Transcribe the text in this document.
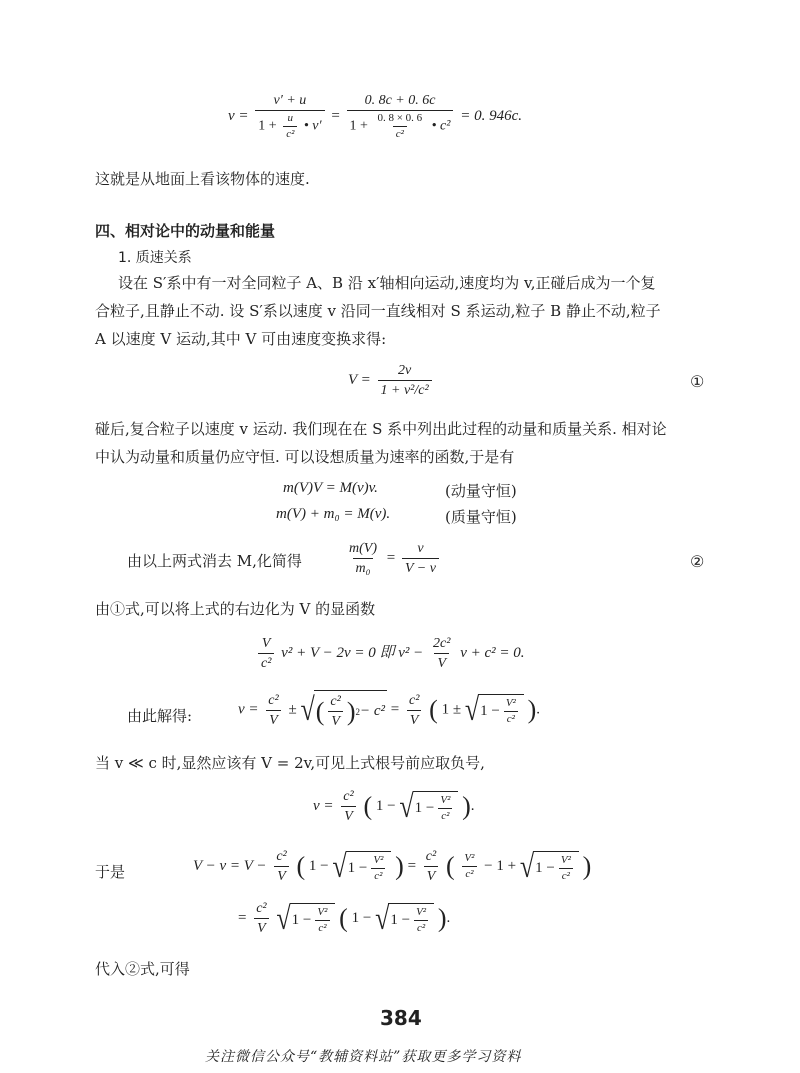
$v = \frac{v' + u}{1 + \frac{u}{\text{c²}} • v'}$ =
0. 8c + 0. 6c
$1 + \frac{0. 8 \times 0. 6}{\text{c²}}$ • c²
= 0. 946c.
这就是从地面上看该物体的速度.
四、相对论中的动量和能量
1. 质速关系
设在 S′系中有一对全同粒子 A、B 沿 x′轴相向运动,速度均为 v,正碰后成为一个复
合粒子,且静止不动. 设 S′系以速度 v 沿同一直线相对 S 系运动,粒子 B 静止不动,粒子
A 以速度 V 运动,其中 V 可由速度变换求得:
$V = \frac{2v}{\text{1 + v²/c²}}$	①
碰后,复合粒子以速度 v 运动. 我们现在在 S 系中列出此过程的动量和质量关系. 相对论
中认为动量和质量仍应守恒. 可以设想质量为速率的函数,于是有
m(V)V = M(v)v.	(动量守恒)
m(V) + m₀ = M(v).	(质量守恒)
由以上两式消去 M,化简得	$\frac{m(V)}{\text{m₀}} = \frac{v}{V - v}$	②
由①式,可以将上式的右边化为 V 的显函数
$\frac{V}{\text{c²}} v^2 + V - 2v = 0$ 即 $v^2 - \frac{\text{2c²}}{V}$ v + c² = 0.
由此解得:	$v = \frac{\text{c²}}{V}$ ± √ ( $\frac{\text{c²}}{V}$ ) $2 - c^2 = \frac{\text{c²}}{V}$ ( 1 ± √ $1 - \frac{\text{V²}}{\text{c²}}$ ).
当 v ≪ c 时,显然应该有 V = 2v,可见上式根号前应取负号,
$v = \frac{\text{c²}}{V}$ ( 1 − √ $1 - \frac{\text{V²}}{\text{c²}}$ ).
于是	$V - v = V - \frac{\text{c²}}{V}$ ( 1 − √ $1 - \frac{\text{V²}}{\text{c²}}$ ) = $\frac{\text{c²}}{V}$ ( $\frac{\text{V²}}{\text{c²}} - 1$ + √ $1 - \frac{\text{V²}}{\text{c²}}$ )
= $\frac{\text{c²}}{V}$
√ $1 - \frac{\text{V²}}{\text{c²}}$ ( 1 − √ $1 - \frac{\text{V²}}{\text{c²}}$ ).
代入②式,可得
384
关注微信公众号“教辅资料站”获取更多学习资料
